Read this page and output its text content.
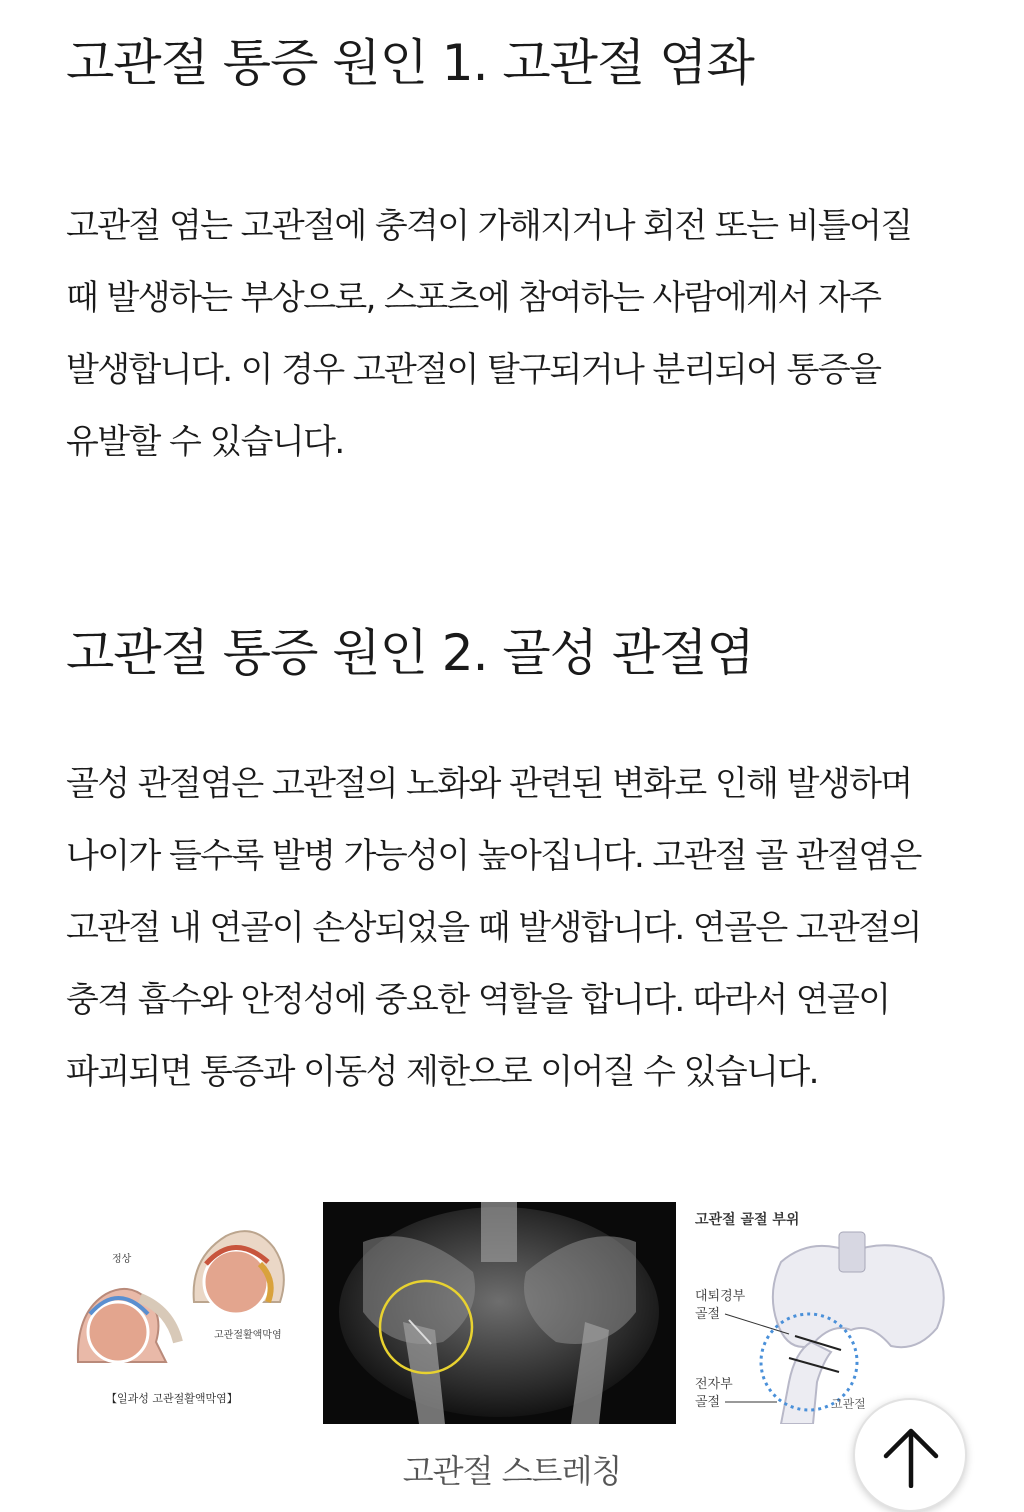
고관절 통증 원인 1. 고관절 염좌

고관절 염는 고관절에 충격이 가해지거나 회전 또는 비틀어질 때 발생하는 부상으로, 스포츠에 참여하는 사람에게서 자주 발생합니다. 이 경우 고관절이 탈구되거나 분리되어 통증을 유발할 수 있습니다.

고관절 통증 원인 2. 골성 관절염

골성 관절염은 고관절의 노화와 관련된 변화로 인해 발생하며 나이가 들수록 발병 가능성이 높아집니다. 고관절 골 관절염은 고관절 내 연골이 손상되었을 때 발생합니다. 연골은 고관절의 충격 흡수와 안정성에 중요한 역할을 합니다. 따라서 연골이 파괴되면 통증과 이동성 제한으로 이어질 수 있습니다.

정상
고관절활액막염
【일과성 고관절활액막염】
고관절 골절 부위
대퇴경부
골절
전자부
골절	고관절
고관절 스트레칭
